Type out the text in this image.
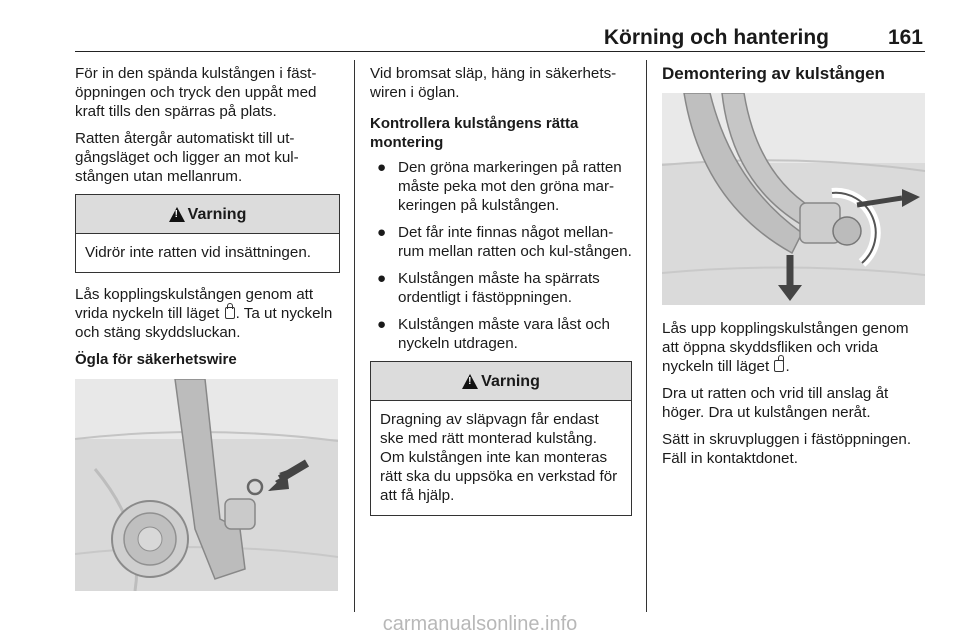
Körning och hantering	161

För in den spända kulstången i fäst-öppningen och tryck den uppåt med kraft tills den spärras på plats.

Ratten återgår automatiskt till ut-gångsläget och ligger an mot kul-stången utan mellanrum.

!
Varning
Vidrör inte ratten vid insättningen.

Lås kopplingskulstången genom att vrida nyckeln till läget . Ta ut nyckeln och stäng skyddsluckan.

Ögla för säkerhetswire

Vid bromsat släp, häng in säkerhets-wiren i öglan.

Kontrollera kulstångens rätta montering
● Den gröna markeringen på ratten måste peka mot den gröna mar-keringen på kulstången.
● Det får inte finnas något mellan-rum mellan ratten och kul-stången.
● Kulstången måste ha spärrats ordentligt i fästöppningen.
● Kulstången måste vara låst och nyckeln utdragen.
!
Varning
Dragning av släpvagn får endast ske med rätt monterad kulstång. Om kulstången inte kan monteras rätt ska du uppsöka en verkstad för att få hjälp.
Demontering av kulstången

Lås upp kopplingskulstången genom att öppna skyddsfliken och vrida nyckeln till läget .

Dra ut ratten och vrid till anslag åt höger. Dra ut kulstången neråt.

Sätt in skruvpluggen i fästöppningen. Fäll in kontaktdonet.

carmanualsonline.info
